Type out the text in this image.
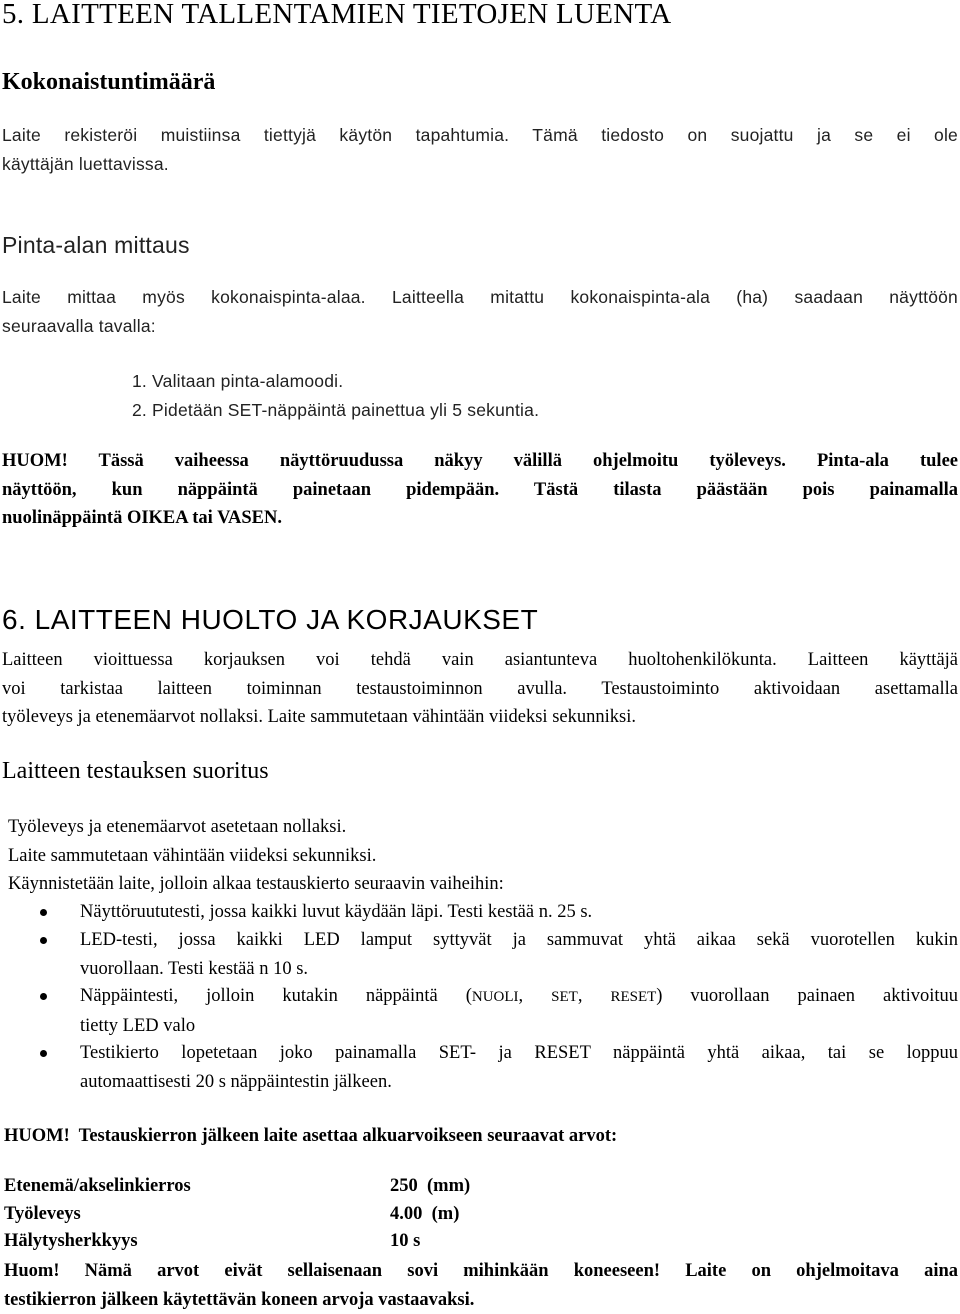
5. LAITTEEN TALLENTAMIEN TIETOJEN LUENTA
Kokonaistuntimäärä
Laite rekisteröi muistiinsa tiettyjä käytön tapahtumia. Tämä tiedosto on suojattu ja se ei ole
käyttäjän luettavissa.
Pinta-alan mittaus
Laite mittaa myös kokonaispinta-alaa. Laitteella mitattu kokonaispinta-ala (ha) saadaan näyttöön
seuraavalla tavalla:
1. Valitaan pinta-alamoodi.
2. Pidetään SET-näppäintä painettua yli 5 sekuntia.
HUOM! Tässä vaiheessa näyttöruudussa näkyy välillä ohjelmoitu työleveys. Pinta-ala tulee
näyttöön, kun näppäintä painetaan pidempään. Tästä tilasta päästään pois painamalla
nuolinäppäintä OIKEA tai VASEN.
6. LAITTEEN HUOLTO JA KORJAUKSET
Laitteen vioittuessa korjauksen voi tehdä vain asiantunteva huoltohenkilökunta. Laitteen käyttäjä
voi tarkistaa laitteen toiminnan testaustoiminnon avulla. Testaustoiminto aktivoidaan asettamalla
työleveys ja etenemäarvot nollaksi. Laite sammutetaan vähintään viideksi sekunniksi.
Laitteen testauksen suoritus
Työleveys ja etenemäarvot asetetaan nollaksi.
Laite sammutetaan vähintään viideksi sekunniksi.
Käynnistetään laite, jolloin alkaa testauskierto seuraavin vaiheihin:
Näyttöruututesti, jossa kaikki luvut käydään läpi. Testi kestää n. 25 s.
LED-testi, jossa kaikki LED lamput syttyvät ja sammuvat yhtä aikaa sekä vuorotellen kukin
vuorollaan. Testi kestää n 10 s.
Näppäintesti, jolloin kutakin näppäintä (NUOLI, SET, RESET) vuorollaan painaen aktivoituu
tietty LED valo
Testikierto lopetetaan joko painamalla SET- ja RESET näppäintä yhtä aikaa, tai se loppuu
automaattisesti 20 s näppäintestin jälkeen.
HUOM!  Testauskierron jälkeen laite asettaa alkuarvoikseen seuraavat arvot:
Etenemä/akselinkierros	250  (mm)
Työleveys	4.00  (m)
Hälytysherkkyys	10 s
Huom! Nämä arvot eivät sellaisenaan sovi mihinkään koneeseen! Laite on ohjelmoitava aina
testikierron jälkeen käytettävän koneen arvoja vastaavaksi.
